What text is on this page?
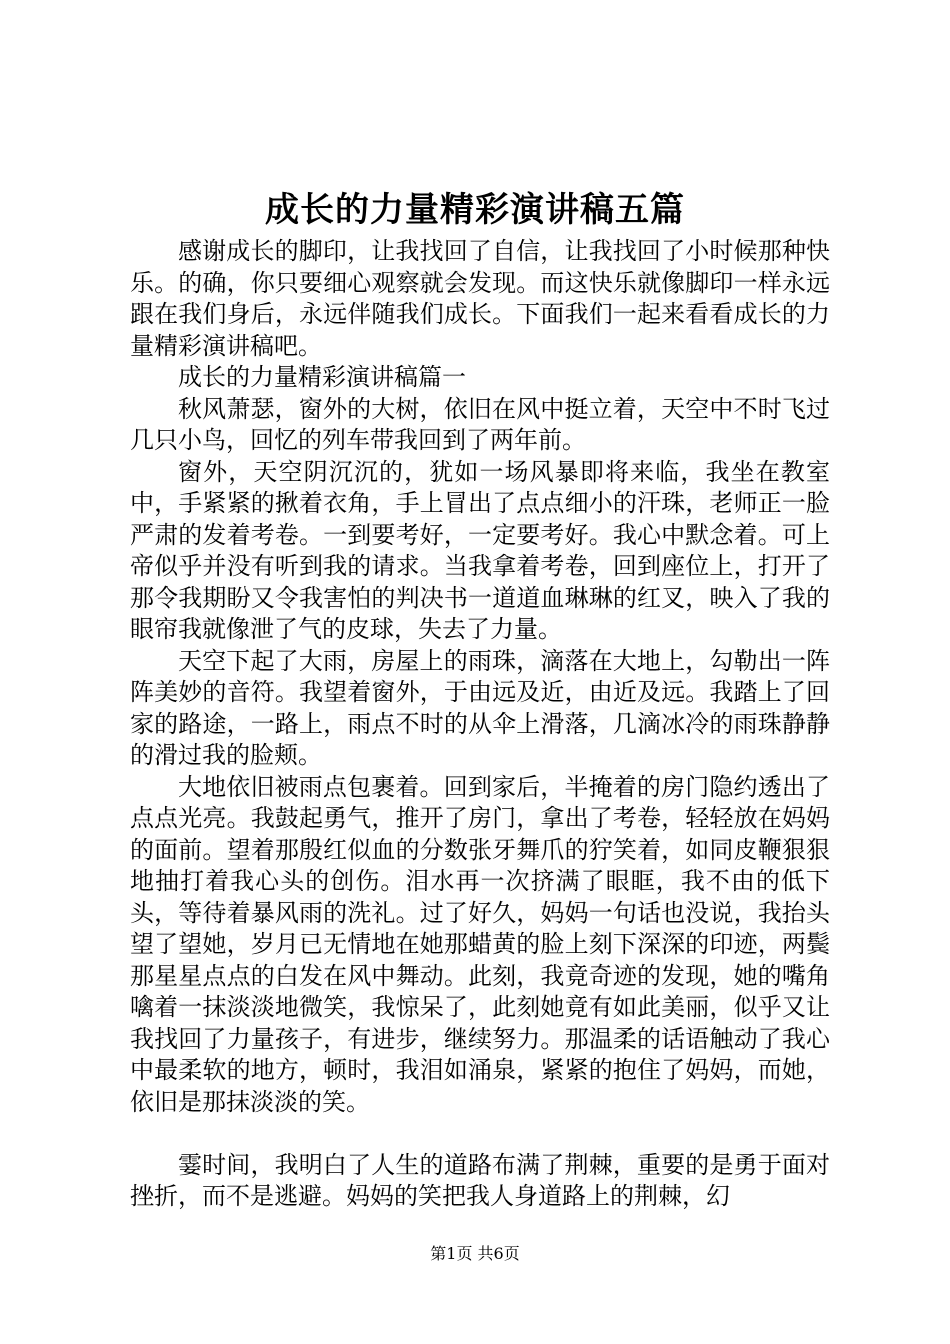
成长的力量精彩演讲稿五篇

感谢成长的脚印，让我找回了自信，让我找回了小时候那种快乐。的确，你只要细心观察就会发现。而这快乐就像脚印一样永远跟在我们身后，永远伴随我们成长。下面我们一起来看看成长的力量精彩演讲稿吧。

成长的力量精彩演讲稿篇一

秋风萧瑟，窗外的大树，依旧在风中挺立着，天空中不时飞过几只小鸟，回忆的列车带我回到了两年前。

窗外，天空阴沉沉的，犹如一场风暴即将来临，我坐在教室中，手紧紧的揪着衣角，手上冒出了点点细小的汗珠，老师正一脸严肃的发着考卷。一到要考好，一定要考好。我心中默念着。可上帝似乎并没有听到我的请求。当我拿着考卷，回到座位上，打开了那令我期盼又令我害怕的判决书一道道血琳琳的红叉，映入了我的眼帘我就像泄了气的皮球，失去了力量。

天空下起了大雨，房屋上的雨珠，滴落在大地上，勾勒出一阵阵美妙的音符。我望着窗外，于由远及近，由近及远。我踏上了回家的路途，一路上，雨点不时的从伞上滑落，几滴冰冷的雨珠静静的滑过我的脸颊。

大地依旧被雨点包裹着。回到家后，半掩着的房门隐约透出了点点光亮。我鼓起勇气，推开了房门，拿出了考卷，轻轻放在妈妈的面前。望着那殷红似血的分数张牙舞爪的狞笑着，如同皮鞭狠狠地抽打着我心头的创伤。泪水再一次挤满了眼眶，我不由的低下头，等待着暴风雨的洗礼。过了好久，妈妈一句话也没说，我抬头望了望她，岁月已无情地在她那蜡黄的脸上刻下深深的印迹，两鬓那星星点点的白发在风中舞动。此刻，我竟奇迹的发现，她的嘴角噙着一抹淡淡地微笑，我惊呆了，此刻她竟有如此美丽，似乎又让我找回了力量孩子，有进步，继续努力。那温柔的话语触动了我心中最柔软的地方，顿时，我泪如涌泉，紧紧的抱住了妈妈，而她，依旧是那抹淡淡的笑。

霎时间，我明白了人生的道路布满了荆棘，重要的是勇于面对挫折，而不是逃避。妈妈的笑把我人身道路上的荆棘，幻

第1页 共6页
